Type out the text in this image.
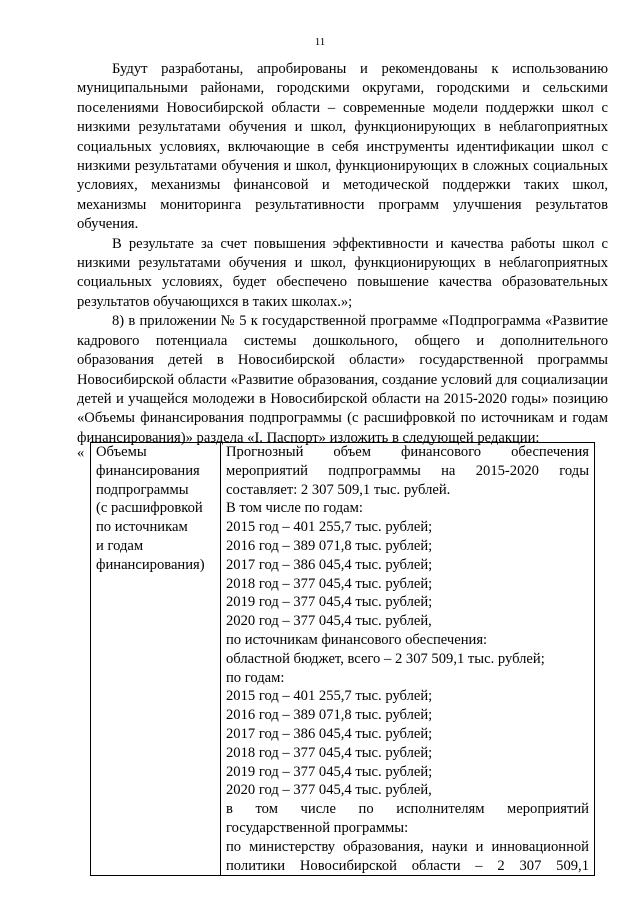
11

Будут разработаны, апробированы и рекомендованы к использованию муниципальными районами, городскими округами, городскими и сельскими поселениями Новосибирской области – современные модели поддержки школ с низкими результатами обучения и школ, функционирующих в неблагоприятных социальных условиях, включающие в себя инструменты идентификации школ с низкими результатами обучения и школ, функционирующих в сложных социальных условиях, механизмы финансовой и методической поддержки таких школ, механизмы мониторинга результативности программ улучшения результатов обучения.

В результате за счет повышения эффективности и качества работы школ с низкими результатами обучения и школ, функционирующих в неблагоприятных социальных условиях, будет обеспечено повышение качества образовательных результатов обучающихся в таких школах.»;

8) в приложении № 5 к государственной программе «Подпрограмма «Развитие кадрового потенциала системы дошкольного, общего и дополнительного образования детей в Новосибирской области» государственной программы Новосибирской области «Развитие образования, создание условий для социализации детей и учащейся молодежи в Новосибирской области на 2015-2020 годы» позицию «Объемы финансирования подпрограммы (с расшифровкой по источникам и годам финансирования)» раздела «I. Паспорт» изложить в следующей редакции:

« Объемы
финансирования
подпрограммы
(с расшифровкой
по источникам
и годам
финансирования)

Прогнозный объем финансового обеспечения мероприятий подпрограммы на 2015-2020 годы составляет: 2 307 509,1 тыс. рублей.
В том числе по годам:
2015 год – 401 255,7 тыс. рублей;
2016 год – 389 071,8 тыс. рублей;
2017 год – 386 045,4 тыс. рублей;
2018 год – 377 045,4 тыс. рублей;
2019 год – 377 045,4 тыс. рублей;
2020 год – 377 045,4 тыс. рублей,
по источникам финансового обеспечения:
областной бюджет, всего – 2 307 509,1 тыс. рублей;
по годам:
2015 год – 401 255,7 тыс. рублей;
2016 год – 389 071,8 тыс. рублей;
2017 год – 386 045,4 тыс. рублей;
2018 год – 377 045,4 тыс. рублей;
2019 год – 377 045,4 тыс. рублей;
2020 год – 377 045,4 тыс. рублей,
в том числе по исполнителям мероприятий государственной программы:
по министерству образования, науки и инновационной политики Новосибирской области – 2 307 509,1
